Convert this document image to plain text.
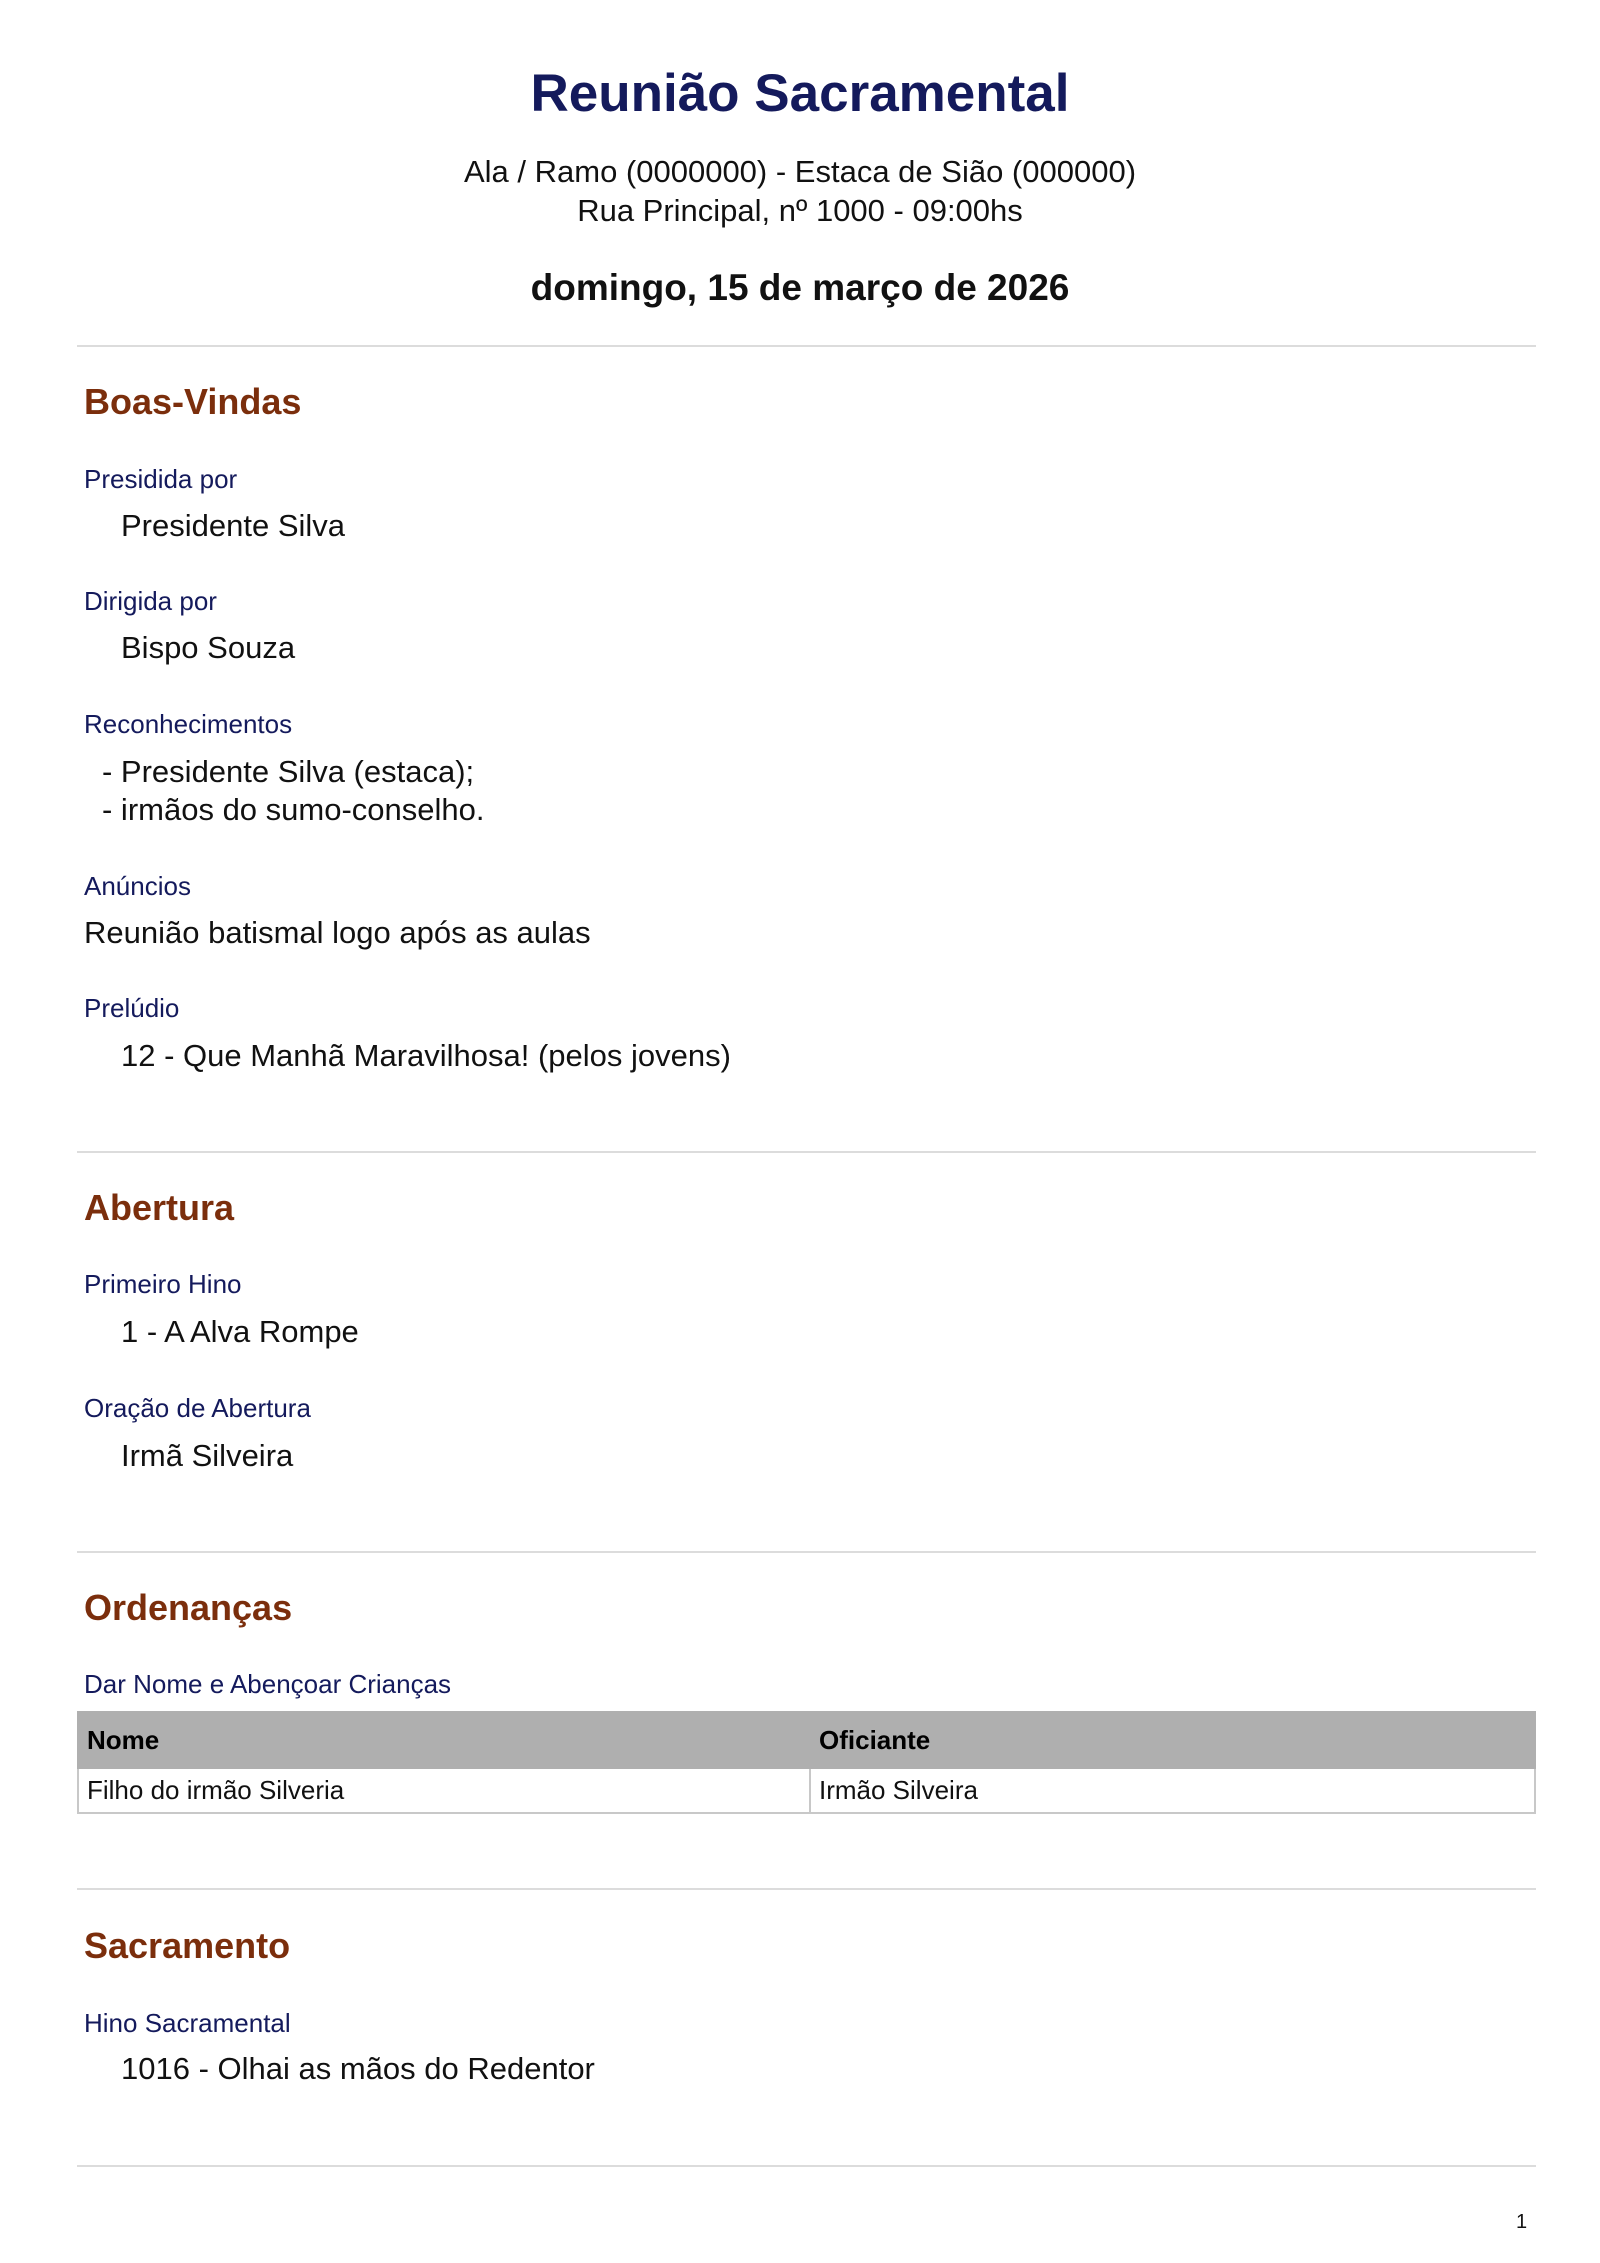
Reunião Sacramental
Ala / Ramo (0000000) - Estaca de Sião (000000)
Rua Principal, nº 1000 - 09:00hs
domingo, 15 de março de 2026
Boas-Vindas
Presidida por
Presidente Silva
Dirigida por
Bispo Souza
Reconhecimentos
- Presidente Silva (estaca);
- irmãos do sumo-conselho.
Anúncios
Reunião batismal logo após as aulas
Prelúdio
12 - Que Manhã Maravilhosa! (pelos jovens)
Abertura
Primeiro Hino
1 - A Alva Rompe
Oração de Abertura
Irmã Silveira
Ordenanças
Dar Nome e Abençoar Crianças
Nome	Oficiante
Filho do irmão Silveria	Irmão Silveira
Sacramento
Hino Sacramental
1016 - Olhai as mãos do Redentor
1
